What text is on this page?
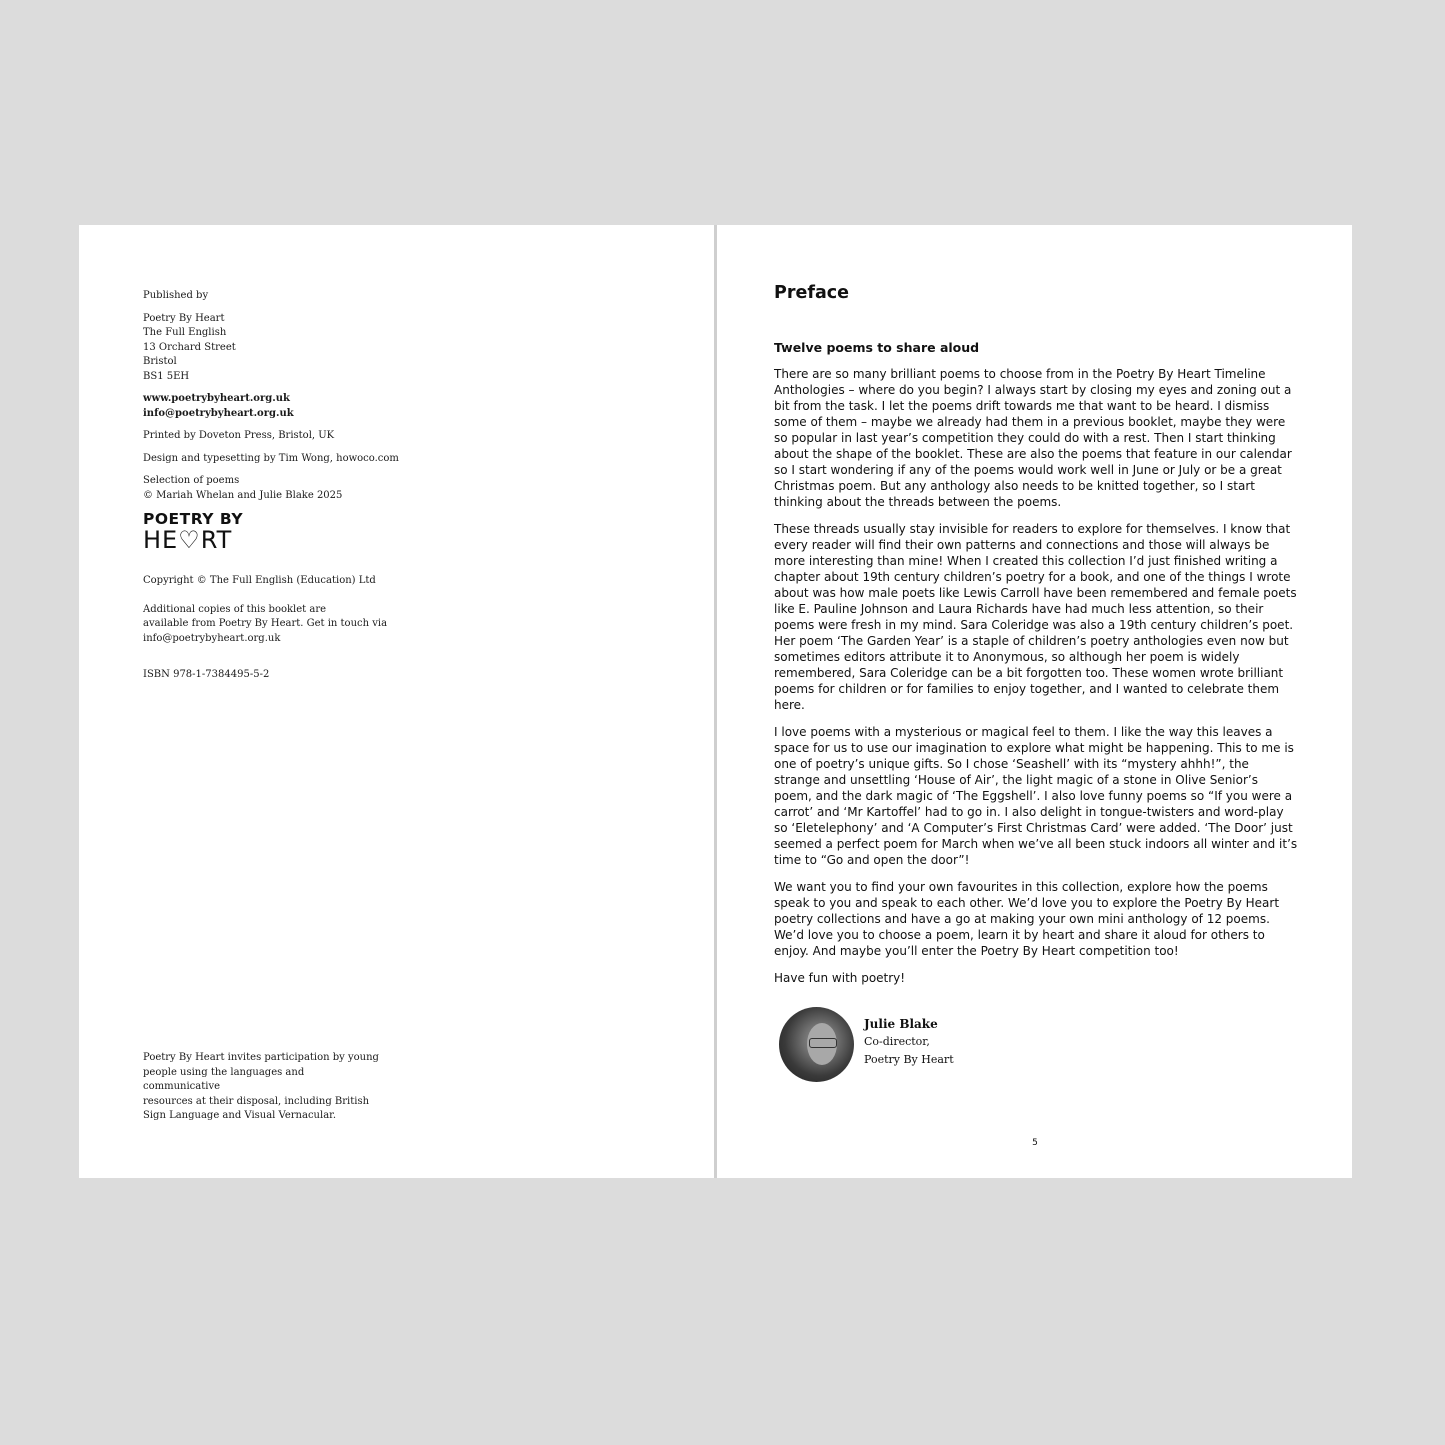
Published by

Poetry By Heart
The Full English
13 Orchard Street
Bristol
BS1 5EH

www.poetrybyheart.org.uk
info@poetrybyheart.org.uk

Printed by Doveton Press, Bristol, UK

Design and typesetting by Tim Wong, howoco.com

Selection of poems
© Mariah Whelan and Julie Blake 2025

POETRY BY
HE♡RT

Copyright © The Full English (Education) Ltd

Additional copies of this booklet are
available from Poetry By Heart. Get in touch via
info@poetrybyheart.org.uk

ISBN 978-1-7384495-5-2

Poetry By Heart invites participation by young
people using the languages and communicative
resources at their disposal, including British
Sign Language and Visual Vernacular.
Preface
Twelve poems to share aloud

There are so many brilliant poems to choose from in the Poetry By Heart Timeline Anthologies – where do you begin? I always start by closing my eyes and zoning out a bit from the task. I let the poems drift towards me that want to be heard. I dismiss some of them – maybe we already had them in a previous booklet, maybe they were so popular in last year’s competition they could do with a rest. Then I start thinking about the shape of the booklet. These are also the poems that feature in our calendar so I start wondering if any of the poems would work well in June or July or be a great Christmas poem. But any anthology also needs to be knitted together, so I start thinking about the threads between the poems.

These threads usually stay invisible for readers to explore for themselves. I know that every reader will find their own patterns and connections and those will always be more interesting than mine! When I created this collection I’d just finished writing a chapter about 19th century children’s poetry for a book, and one of the things I wrote about was how male poets like Lewis Carroll have been remembered and female poets like E. Pauline Johnson and Laura Richards have had much less attention, so their poems were fresh in my mind. Sara Coleridge was also a 19th century children’s poet. Her poem ‘The Garden Year’ is a staple of children’s poetry anthologies even now but sometimes editors attribute it to Anonymous, so although her poem is widely remembered, Sara Coleridge can be a bit forgotten too. These women wrote brilliant poems for children or for families to enjoy together, and I wanted to celebrate them here.

I love poems with a mysterious or magical feel to them. I like the way this leaves a space for us to use our imagination to explore what might be happening. This to me is one of poetry’s unique gifts. So I chose ‘Seashell’ with its “mystery ahhh!”, the strange and unsettling ‘House of Air’, the light magic of a stone in Olive Senior’s poem, and the dark magic of ‘The Eggshell’. I also love funny poems so “If you were a carrot’ and ‘Mr Kartoffel’ had to go in. I also delight in tongue-twisters and word-play so ‘Eletelephony’ and ‘A Computer’s First Christmas Card’ were added. ‘The Door’ just seemed a perfect poem for March when we’ve all been stuck indoors all winter and it’s time to “Go and open the door”!

We want you to find your own favourites in this collection, explore how the poems speak to you and speak to each other. We’d love you to explore the Poetry By Heart poetry collections and have a go at making your own mini anthology of 12 poems. We’d love you to choose a poem, learn it by heart and share it aloud for others to enjoy. And maybe you’ll enter the Poetry By Heart competition too!

Have fun with poetry!

Julie Blake
Co-director,
Poetry By Heart
5
